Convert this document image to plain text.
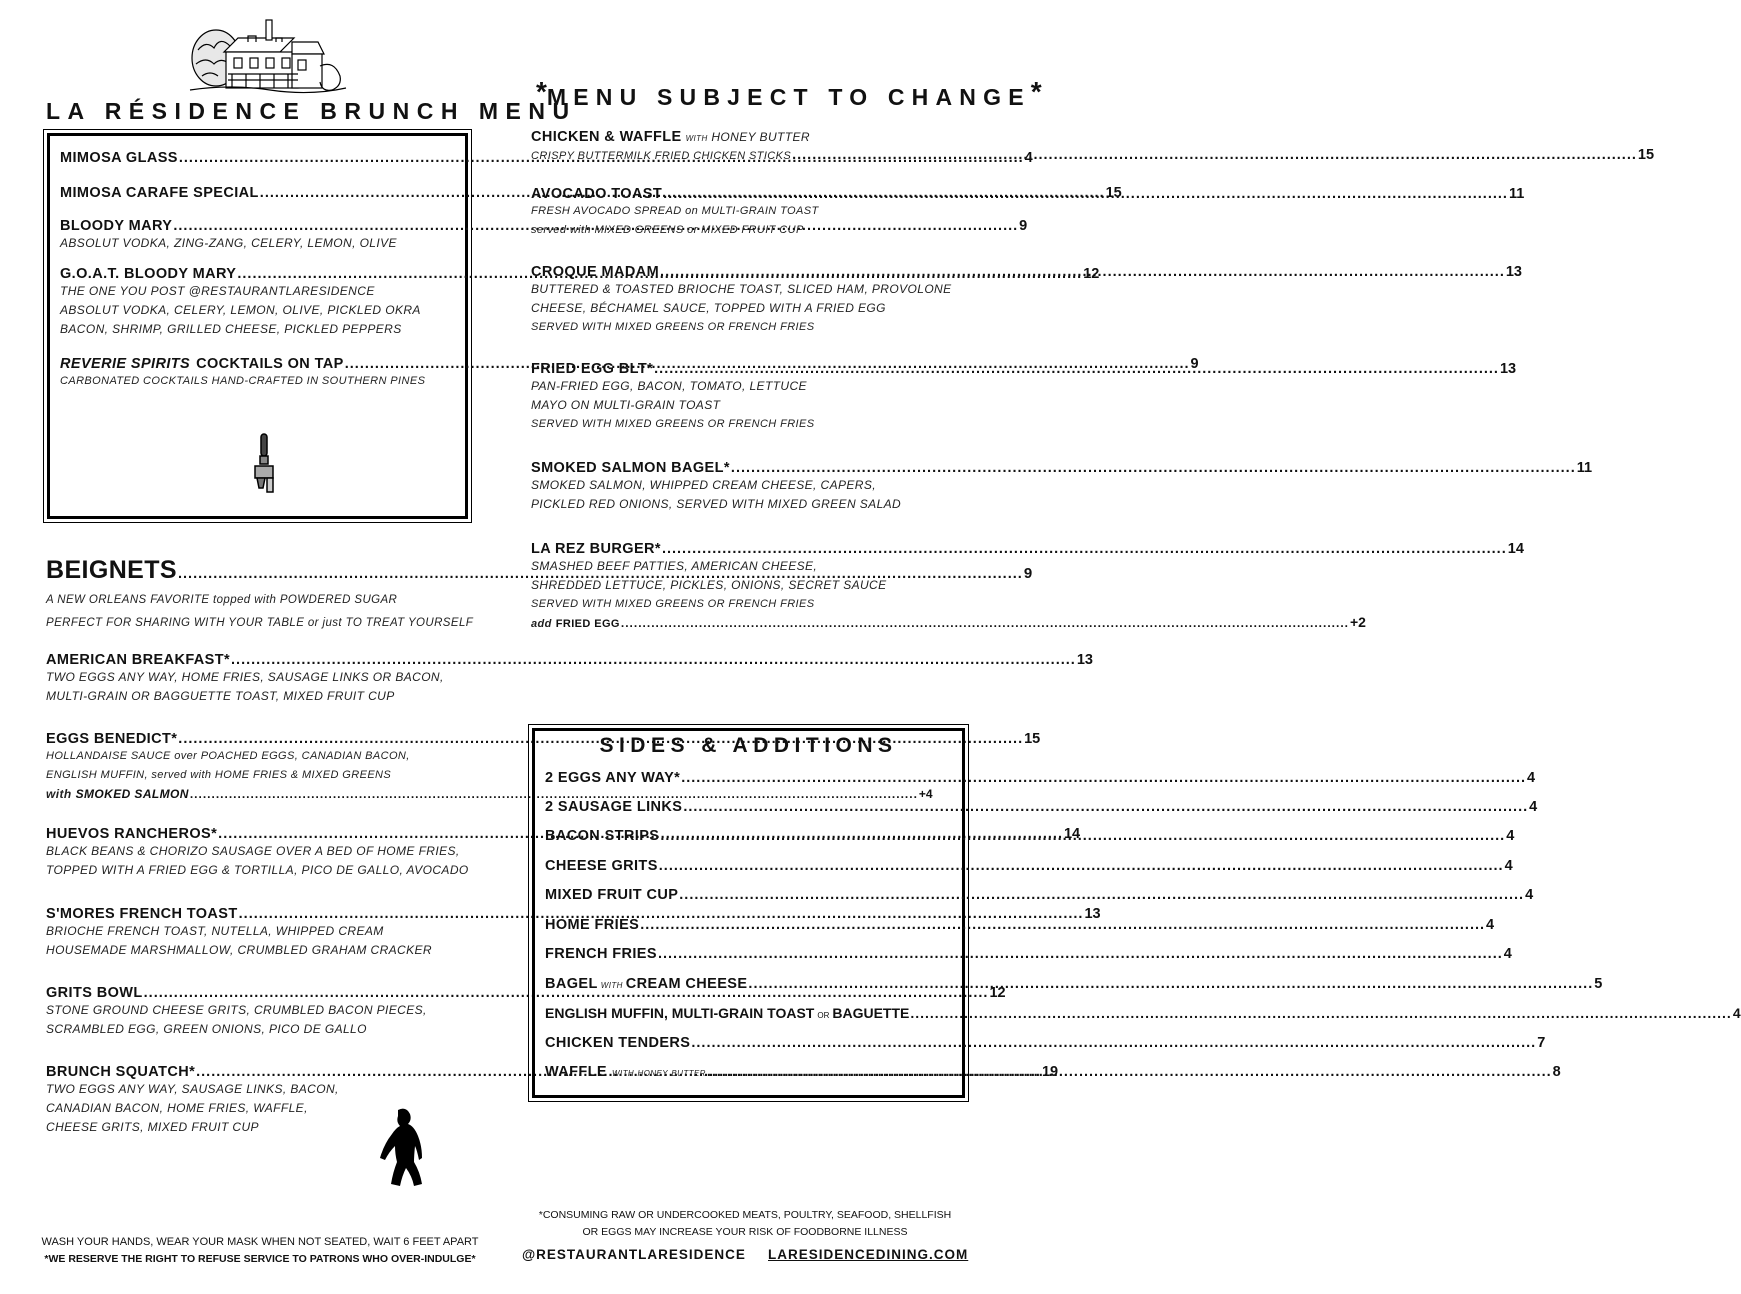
LA RÉSIDENCE BRUNCH MENU
*MENU SUBJECT TO CHANGE*
MIMOSA GLASS .....	4
MIMOSA CARAFE SPECIAL .....	15
BLOODY MARY .....	9
ABSOLUT VODKA, ZING-ZANG, CELERY, LEMON, OLIVE
G.O.A.T. BLOODY MARY .....	12
THE ONE YOU POST @RESTAURANTLARESIDENCE
ABSOLUT VODKA, CELERY, LEMON, OLIVE, PICKLED OKRA
BACON, SHRIMP, GRILLED CHEESE, PICKLED PEPPERS
REVERIE SPIRITS COCKTAILS ON TAP .....	9
CARBONATED COCKTAILS HAND-CRAFTED IN SOUTHERN PINES
BEIGNETS .....	9
A NEW ORLEANS FAVORITE topped with POWDERED SUGAR
PERFECT FOR SHARING WITH YOUR TABLE or just TO TREAT YOURSELF
AMERICAN BREAKFAST* .....	13
TWO EGGS ANY WAY, HOME FRIES, SAUSAGE LINKS OR BACON,
MULTI-GRAIN OR BAGGUETTE TOAST, MIXED FRUIT CUP
EGGS BENEDICT* .....	15
HOLLANDAISE SAUCE over POACHED EGGS, CANADIAN BACON,
ENGLISH MUFFIN, served with HOME FRIES & MIXED GREENS
with SMOKED SALMON .....	+4
HUEVOS RANCHEROS* .....	14
BLACK BEANS & CHORIZO SAUSAGE OVER A BED OF HOME FRIES,
TOPPED WITH A FRIED EGG & TORTILLA, PICO DE GALLO, AVOCADO
S'MORES FRENCH TOAST .....	13
BRIOCHE FRENCH TOAST, NUTELLA, WHIPPED CREAM
HOUSEMADE MARSHMALLOW, CRUMBLED GRAHAM CRACKER
GRITS BOWL .....	12
STONE GROUND CHEESE GRITS, CRUMBLED BACON PIECES,
SCRAMBLED EGG, GREEN ONIONS, PICO DE GALLO
BRUNCH SQUATCH* .....	19
TWO EGGS ANY WAY, SAUSAGE LINKS, BACON,
CANADIAN BACON, HOME FRIES, WAFFLE,
CHEESE GRITS, MIXED FRUIT CUP
CHICKEN & WAFFLE with HONEY BUTTER
CRISPY BUTTERMILK FRIED CHICKEN STICKS .....	15
AVOCADO TOAST .....	11
FRESH AVOCADO SPREAD on MULTI-GRAIN TOAST
served with MIXED GREENS or MIXED FRUIT CUP
CROQUE MADAM .....	13
BUTTERED & TOASTED BRIOCHE TOAST, SLICED HAM, PROVOLONE
CHEESE, BÉCHAMEL SAUCE, TOPPED WITH A FRIED EGG
SERVED WITH MIXED GREENS OR FRENCH FRIES
FRIED EGG BLT* .....	13
PAN-FRIED EGG, BACON, TOMATO, LETTUCE
MAYO ON MULTI-GRAIN TOAST
SERVED WITH MIXED GREENS OR FRENCH FRIES
SMOKED SALMON BAGEL* .....	11
SMOKED SALMON, WHIPPED CREAM CHEESE, CAPERS,
PICKLED RED ONIONS, SERVED WITH MIXED GREEN SALAD
LA REZ BURGER* .....	14
SMASHED BEEF PATTIES, AMERICAN CHEESE,
SHREDDED LETTUCE, PICKLES, ONIONS, SECRET SAUCE
SERVED WITH MIXED GREENS OR FRENCH FRIES
add FRIED EGG .....	+2
SIDES & ADDITIONS
2 EGGS ANY WAY* .....	4
2 SAUSAGE LINKS .....	4
BACON STRIPS .....	4
CHEESE GRITS .....	4
MIXED FRUIT CUP .....	4
HOME FRIES .....	4
FRENCH FRIES .....	4
BAGEL with CREAM CHEESE .....	5
ENGLISH MUFFIN, MULTI-GRAIN TOAST or BAGUETTE .....	4
CHICKEN TENDERS .....	7
WAFFLE with honey butter .....	8
WASH YOUR HANDS, WEAR YOUR MASK WHEN NOT SEATED, WAIT 6 FEET APART
*WE RESERVE THE RIGHT TO REFUSE SERVICE TO PATRONS WHO OVER-INDULGE*
*CONSUMING RAW OR UNDERCOOKED MEATS, POULTRY, SEAFOOD, SHELLFISH
OR EGGS MAY INCREASE YOUR RISK OF FOODBORNE ILLNESS
@RESTAURANTLARESIDENCE LARESIDENCEDINING.COM
